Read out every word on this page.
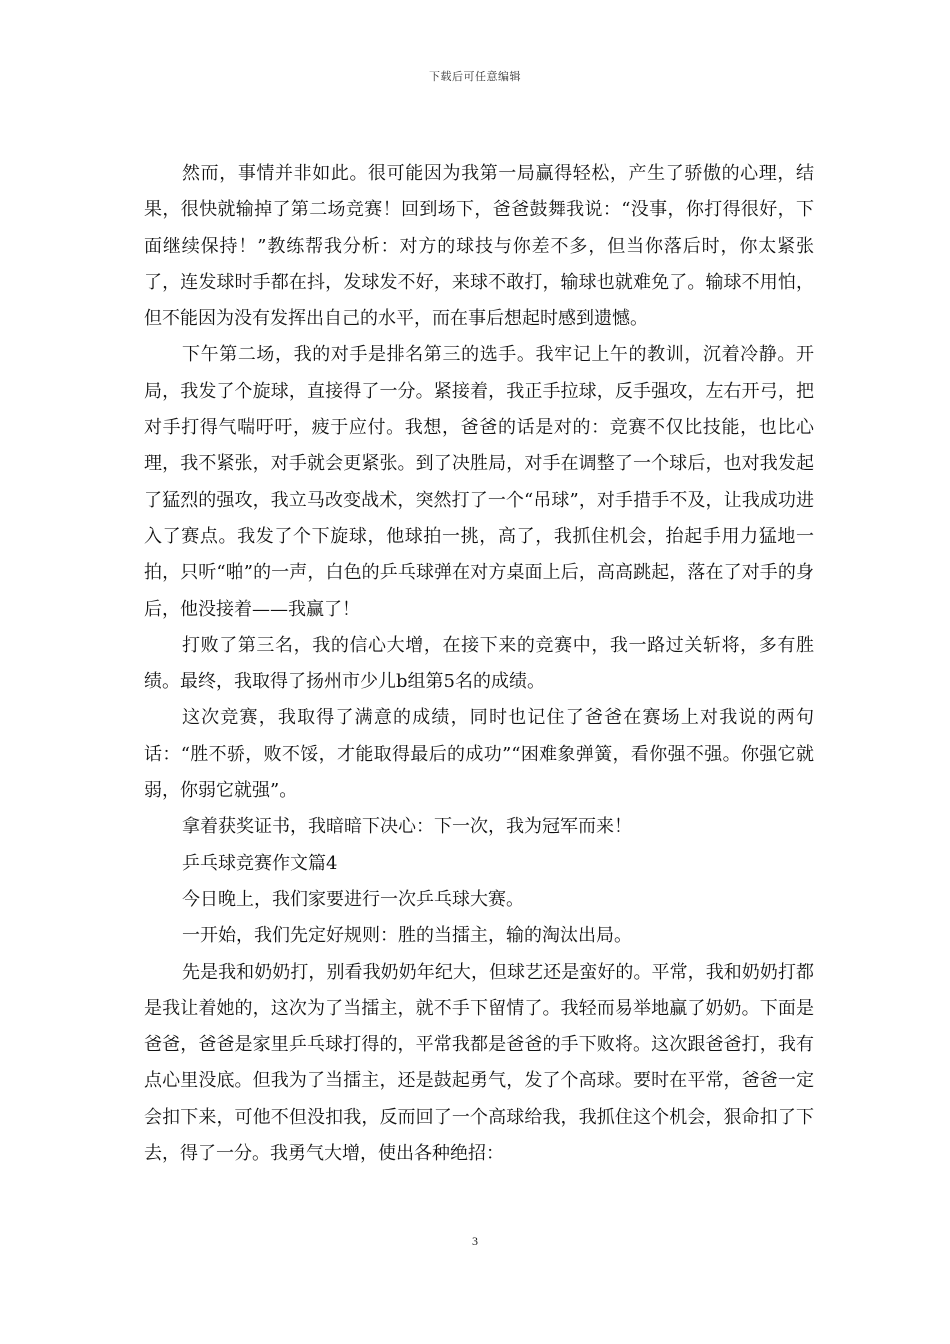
下载后可任意编辑

然而，事情并非如此。很可能因为我第一局赢得轻松，产生了骄傲的心理，结果，很快就输掉了第二场竞赛！回到场下，爸爸鼓舞我说：“没事，你打得很好，下面继续保持！”教练帮我分析：对方的球技与你差不多，但当你落后时，你太紧张了，连发球时手都在抖，发球发不好，来球不敢打，输球也就难免了。输球不用怕，但不能因为没有发挥出自己的水平，而在事后想起时感到遗憾。

下午第二场，我的对手是排名第三的选手。我牢记上午的教训，沉着冷静。开局，我发了个旋球，直接得了一分。紧接着，我正手拉球，反手强攻，左右开弓，把对手打得气喘吁吁，疲于应付。我想，爸爸的话是对的：竞赛不仅比技能，也比心理，我不紧张，对手就会更紧张。到了决胜局，对手在调整了一个球后，也对我发起了猛烈的强攻，我立马改变战术，突然打了一个“吊球”，对手措手不及，让我成功进入了赛点。我发了个下旋球，他球拍一挑，高了，我抓住机会，抬起手用力猛地一拍，只听“啪”的一声，白色的乒乓球弹在对方桌面上后，高高跳起，落在了对手的身后，他没接着——我赢了！

打败了第三名，我的信心大增，在接下来的竞赛中，我一路过关斩将，多有胜绩。最终，我取得了扬州市少儿b组第5名的成绩。

这次竞赛，我取得了满意的成绩，同时也记住了爸爸在赛场上对我说的两句话：“胜不骄，败不馁，才能取得最后的成功”“困难象弹簧，看你强不强。你强它就弱，你弱它就强”。

拿着获奖证书，我暗暗下决心：下一次，我为冠军而来！

乒乓球竞赛作文篇4

今日晚上，我们家要进行一次乒乓球大赛。

一开始，我们先定好规则：胜的当擂主，输的淘汰出局。

先是我和奶奶打，别看我奶奶年纪大，但球艺还是蛮好的。平常，我和奶奶打都是我让着她的，这次为了当擂主，就不手下留情了。我轻而易举地赢了奶奶。下面是爸爸，爸爸是家里乒乓球打得的，平常我都是爸爸的手下败将。这次跟爸爸打，我有点心里没底。但我为了当擂主，还是鼓起勇气，发了个高球。要时在平常，爸爸一定会扣下来，可他不但没扣我，反而回了一个高球给我，我抓住这个机会，狠命扣了下去，得了一分。我勇气大增，使出各种绝招：

3
